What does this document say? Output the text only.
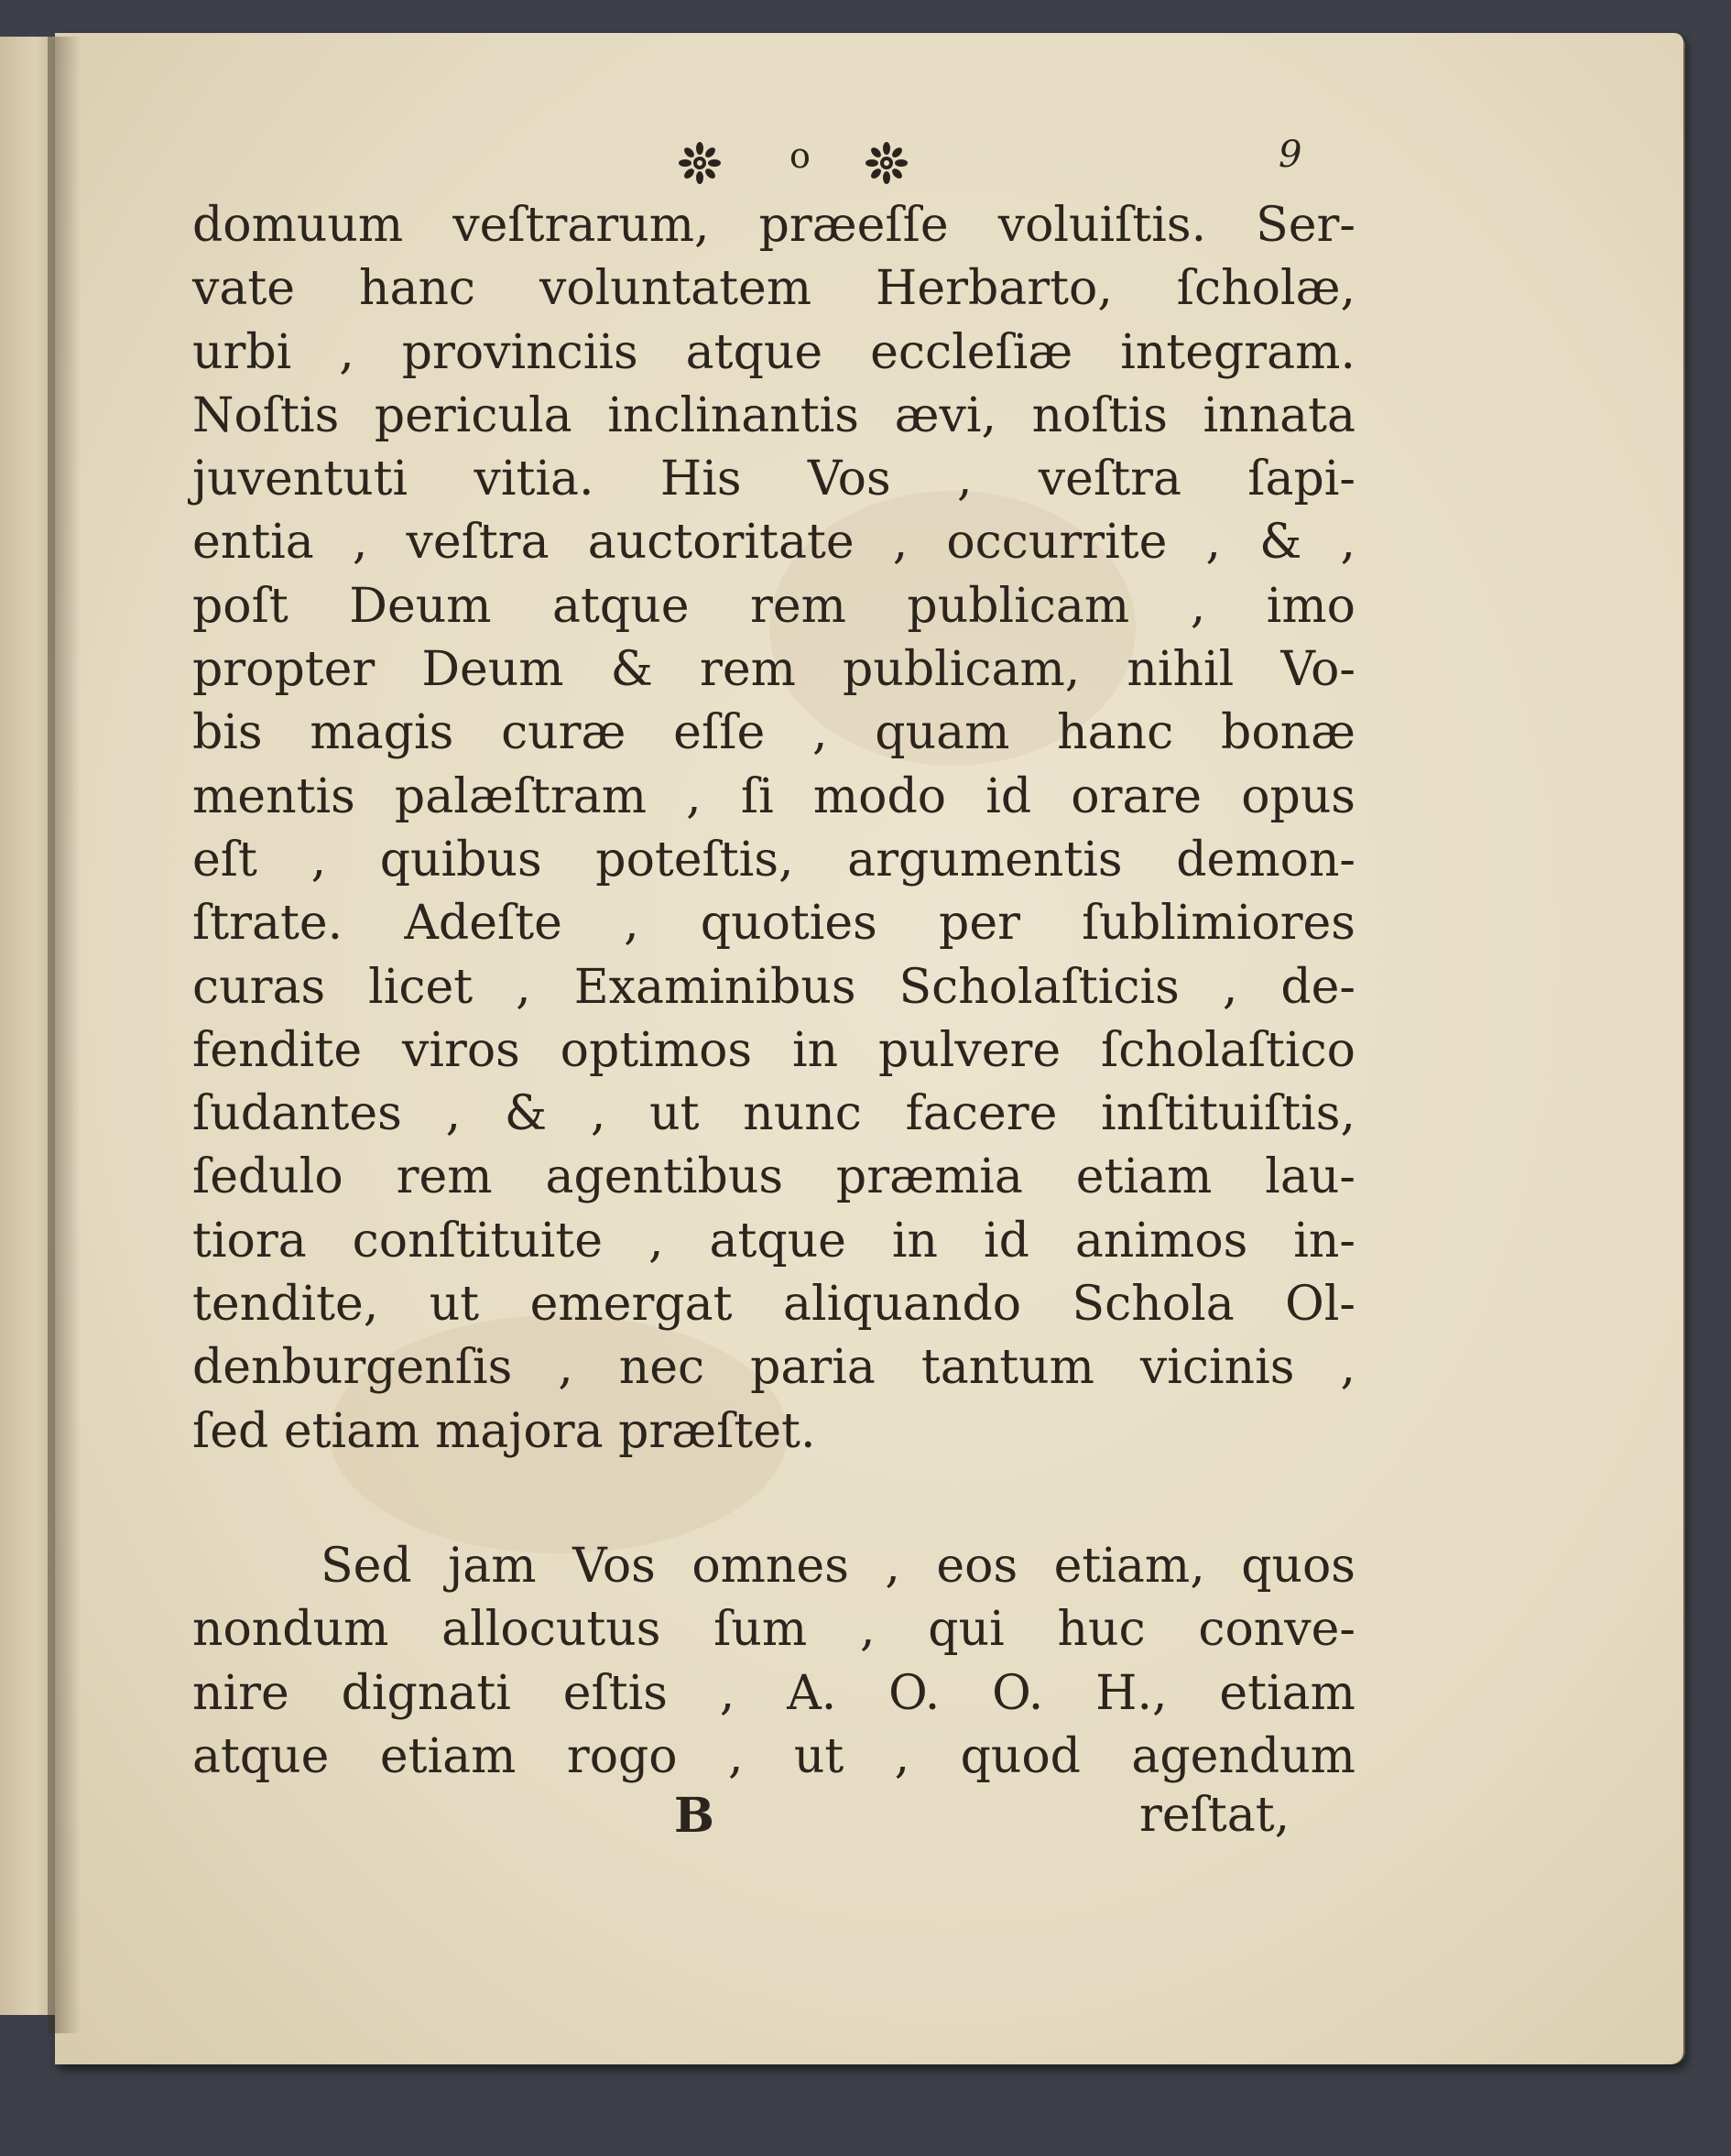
o	9
domuum veſtrarum, præeſſe voluiſtis. Ser-
vate hanc voluntatem Herbarto, ſcholæ,
urbi , provinciis atque eccleſiæ integram.
Noſtis pericula inclinantis ævi, noſtis innata
juventuti vitia. His Vos , veſtra ſapi-
entia , veſtra auctoritate , occurrite , & ,
poſt Deum atque rem publicam , imo
propter Deum & rem publicam, nihil Vo-
bis magis curæ eſſe , quam hanc bonæ
mentis palæſtram , ſi modo id orare opus
eſt , quibus poteſtis, argumentis demon-
ſtrate. Adeſte , quoties per ſublimiores
curas licet , Examinibus Scholaſticis , de-
fendite viros optimos in pulvere ſcholaſtico
ſudantes , & , ut nunc facere inſtituiſtis,
ſedulo rem agentibus præmia etiam lau-
tiora conſtituite , atque in id animos in-
tendite, ut emergat aliquando Schola Ol-
denburgenſis , nec paria tantum vicinis ,
ſed etiam majora præſtet.
Sed jam Vos omnes , eos etiam, quos
nondum allocutus ſum , qui huc conve-
nire dignati eſtis , A. O. O. H., etiam
atque etiam rogo , ut , quod agendum
B	reſtat,
